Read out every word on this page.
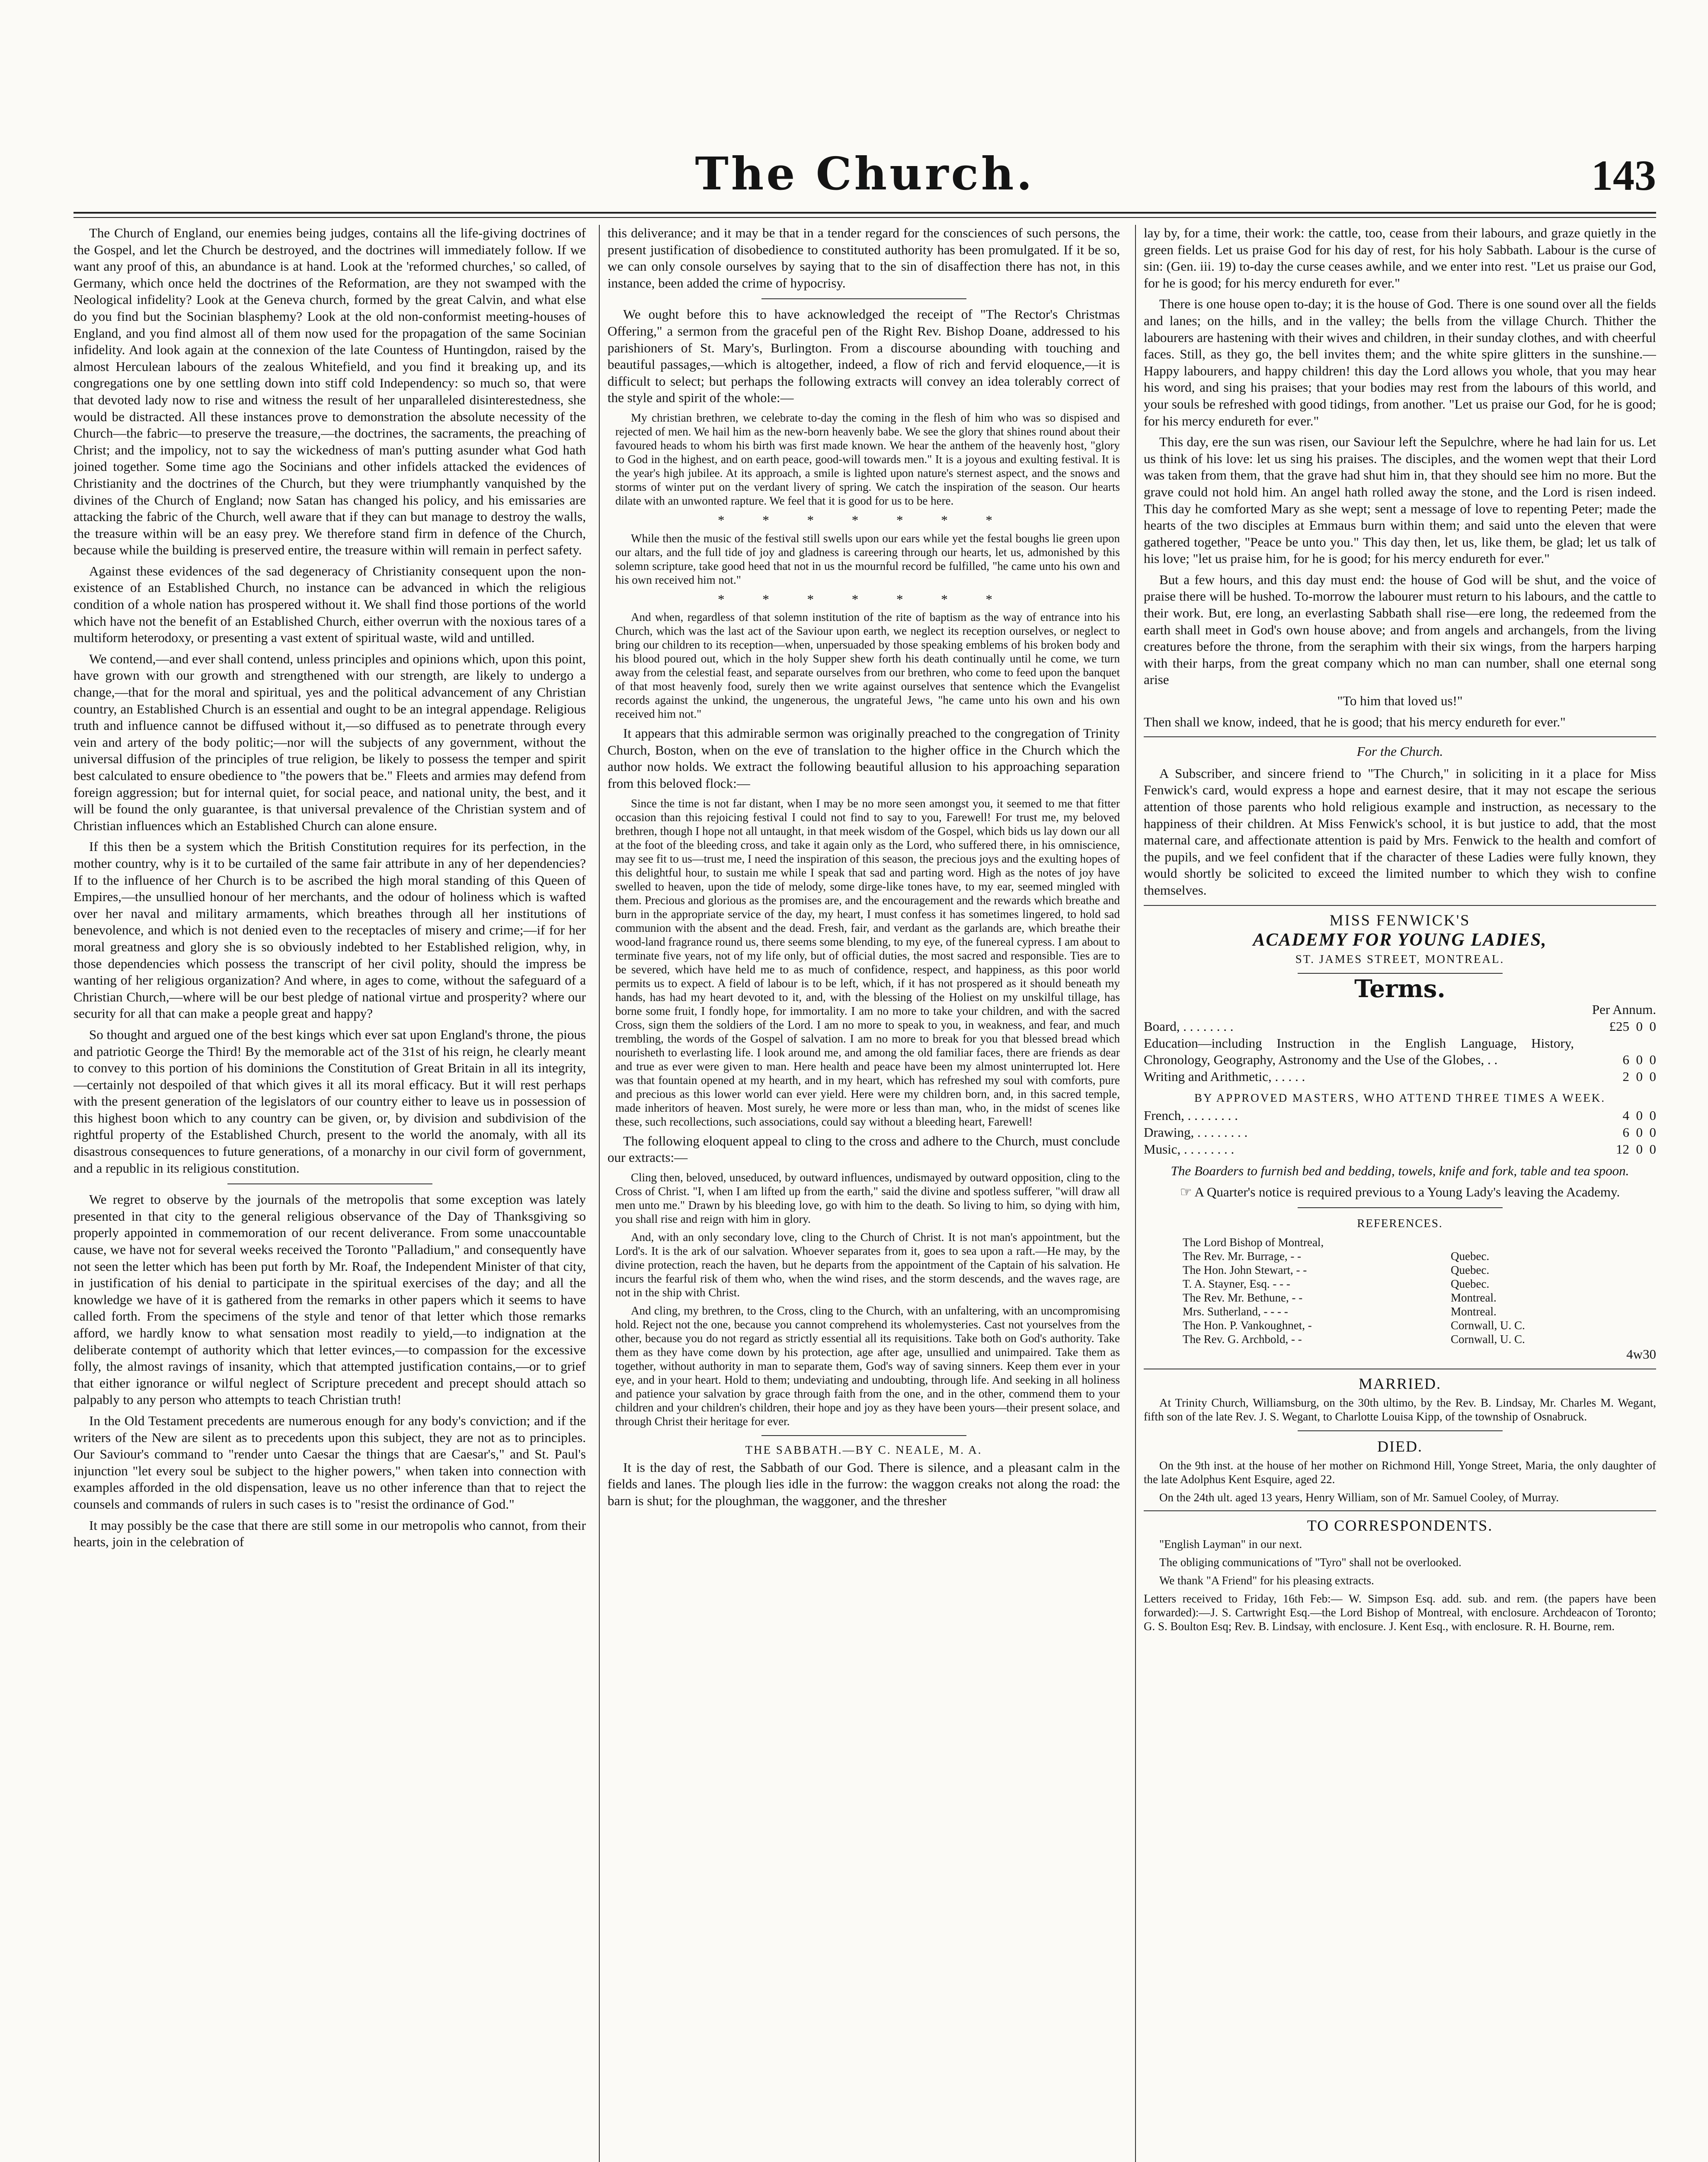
The Church.	143

The Church of England, our enemies being judges, contains all the life-giving doctrines of the Gospel, and let the Church be destroyed, and the doctrines will immediately follow. If we want any proof of this, an abundance is at hand. Look at the 'reformed churches,' so called, of Germany, which once held the doctrines of the Reformation, are they not swamped with the Neological infidelity? Look at the Geneva church, formed by the great Calvin, and what else do you find but the Socinian blasphemy? Look at the old non-conformist meeting-houses of England, and you find almost all of them now used for the propagation of the same Socinian infidelity. And look again at the connexion of the late Countess of Huntingdon, raised by the almost Herculean labours of the zealous Whitefield, and you find it breaking up, and its congregations one by one settling down into stiff cold Independency: so much so, that were that devoted lady now to rise and witness the result of her unparalleled disinterestedness, she would be distracted. All these instances prove to demonstration the absolute necessity of the Church—the fabric—to preserve the treasure,—the doctrines, the sacraments, the preaching of Christ; and the impolicy, not to say the wickedness of man's putting asunder what God hath joined together. Some time ago the Socinians and other infidels attacked the evidences of Christianity and the doctrines of the Church, but they were triumphantly vanquished by the divines of the Church of England; now Satan has changed his policy, and his emissaries are attacking the fabric of the Church, well aware that if they can but manage to destroy the walls, the treasure within will be an easy prey. We therefore stand firm in defence of the Church, because while the building is preserved entire, the treasure within will remain in perfect safety.

Against these evidences of the sad degeneracy of Christianity consequent upon the non-existence of an Established Church, no instance can be advanced in which the religious condition of a whole nation has prospered without it. We shall find those portions of the world which have not the benefit of an Established Church, either overrun with the noxious tares of a multiform heterodoxy, or presenting a vast extent of spiritual waste, wild and untilled.

We contend,—and ever shall contend, unless principles and opinions which, upon this point, have grown with our growth and strengthened with our strength, are likely to undergo a change,—that for the moral and spiritual, yes and the political advancement of any Christian country, an Established Church is an essential and ought to be an integral appendage. Religious truth and influence cannot be diffused without it,—so diffused as to penetrate through every vein and artery of the body politic;—nor will the subjects of any government, without the universal diffusion of the principles of true religion, be likely to possess the temper and spirit best calculated to ensure obedience to "the powers that be." Fleets and armies may defend from foreign aggression; but for internal quiet, for social peace, and national unity, the best, and it will be found the only guarantee, is that universal prevalence of the Christian system and of Christian influences which an Established Church can alone ensure.

If this then be a system which the British Constitution requires for its perfection, in the mother country, why is it to be curtailed of the same fair attribute in any of her dependencies? If to the influence of her Church is to be ascribed the high moral standing of this Queen of Empires,—the unsullied honour of her merchants, and the odour of holiness which is wafted over her naval and military armaments, which breathes through all her institutions of benevolence, and which is not denied even to the receptacles of misery and crime;—if for her moral greatness and glory she is so obviously indebted to her Established religion, why, in those dependencies which possess the transcript of her civil polity, should the impress be wanting of her religious organization? And where, in ages to come, without the safeguard of a Christian Church,—where will be our best pledge of national virtue and prosperity? where our security for all that can make a people great and happy?

So thought and argued one of the best kings which ever sat upon England's throne, the pious and patriotic George the Third! By the memorable act of the 31st of his reign, he clearly meant to convey to this portion of his dominions the Constitution of Great Britain in all its integrity,—certainly not despoiled of that which gives it all its moral efficacy. But it will rest perhaps with the present generation of the legislators of our country either to leave us in possession of this highest boon which to any country can be given, or, by division and subdivision of the rightful property of the Established Church, present to the world the anomaly, with all its disastrous consequences to future generations, of a monarchy in our civil form of government, and a republic in its religious constitution.

We regret to observe by the journals of the metropolis that some exception was lately presented in that city to the general religious observance of the Day of Thanksgiving so properly appointed in commemoration of our recent deliverance. From some unaccountable cause, we have not for several weeks received the Toronto "Palladium," and consequently have not seen the letter which has been put forth by Mr. Roaf, the Independent Minister of that city, in justification of his denial to participate in the spiritual exercises of the day; and all the knowledge we have of it is gathered from the remarks in other papers which it seems to have called forth. From the specimens of the style and tenor of that letter which those remarks afford, we hardly know to what sensation most readily to yield,—to indignation at the deliberate contempt of authority which that letter evinces,—to compassion for the excessive folly, the almost ravings of insanity, which that attempted justification contains,—or to grief that either ignorance or wilful neglect of Scripture precedent and precept should attach so palpably to any person who attempts to teach Christian truth!

In the Old Testament precedents are numerous enough for any body's conviction; and if the writers of the New are silent as to precedents upon this subject, they are not as to principles. Our Saviour's command to "render unto Caesar the things that are Caesar's," and St. Paul's injunction "let every soul be subject to the higher powers," when taken into connection with examples afforded in the old dispensation, leave us no other inference than that to reject the counsels and commands of rulers in such cases is to "resist the ordinance of God."

It may possibly be the case that there are still some in our metropolis who cannot, from their hearts, join in the celebration of

this deliverance; and it may be that in a tender regard for the consciences of such persons, the present justification of disobedience to constituted authority has been promulgated. If it be so, we can only console ourselves by saying that to the sin of disaffection there has not, in this instance, been added the crime of hypocrisy.

We ought before this to have acknowledged the receipt of "The Rector's Christmas Offering," a sermon from the graceful pen of the Right Rev. Bishop Doane, addressed to his parishioners of St. Mary's, Burlington. From a discourse abounding with touching and beautiful passages,—which is altogether, indeed, a flow of rich and fervid eloquence,—it is difficult to select; but perhaps the following extracts will convey an idea tolerably correct of the style and spirit of the whole:—

My christian brethren, we celebrate to-day the coming in the flesh of him who was so dispised and rejected of men. We hail him as the new-born heavenly babe. We see the glory that shines round about their favoured heads to whom his birth was first made known. We hear the anthem of the heavenly host, "glory to God in the highest, and on earth peace, good-will towards men." It is a joyous and exulting festival. It is the year's high jubilee. At its approach, a smile is lighted upon nature's sternest aspect, and the snows and storms of winter put on the verdant livery of spring. We catch the inspiration of the season. Our hearts dilate with an unwonted rapture. We feel that it is good for us to be here.

* * * * * * *

While then the music of the festival still swells upon our ears while yet the festal boughs lie green upon our altars, and the full tide of joy and gladness is careering through our hearts, let us, admonished by this solemn scripture, take good heed that not in us the mournful record be fulfilled, "he came unto his own and his own received him not."

* * * * * * *

And when, regardless of that solemn institution of the rite of baptism as the way of entrance into his Church, which was the last act of the Saviour upon earth, we neglect its reception ourselves, or neglect to bring our children to its reception—when, unpersuaded by those speaking emblems of his broken body and his blood poured out, which in the holy Supper shew forth his death continually until he come, we turn away from the celestial feast, and separate ourselves from our brethren, who come to feed upon the banquet of that most heavenly food, surely then we write against ourselves that sentence which the Evangelist records against the unkind, the ungenerous, the ungrateful Jews, "he came unto his own and his own received him not."

It appears that this admirable sermon was originally preached to the congregation of Trinity Church, Boston, when on the eve of translation to the higher office in the Church which the author now holds. We extract the following beautiful allusion to his approaching separation from this beloved flock:—

Since the time is not far distant, when I may be no more seen amongst you, it seemed to me that fitter occasion than this rejoicing festival I could not find to say to you, Farewell! For trust me, my beloved brethren, though I hope not all untaught, in that meek wisdom of the Gospel, which bids us lay down our all at the foot of the bleeding cross, and take it again only as the Lord, who suffered there, in his omniscience, may see fit to us—trust me, I need the inspiration of this season, the precious joys and the exulting hopes of this delightful hour, to sustain me while I speak that sad and parting word. High as the notes of joy have swelled to heaven, upon the tide of melody, some dirge-like tones have, to my ear, seemed mingled with them. Precious and glorious as the promises are, and the encouragement and the rewards which breathe and burn in the appropriate service of the day, my heart, I must confess it has sometimes lingered, to hold sad communion with the absent and the dead. Fresh, fair, and verdant as the garlands are, which breathe their wood-land fragrance round us, there seems some blending, to my eye, of the funereal cypress. I am about to terminate five years, not of my life only, but of official duties, the most sacred and responsible. Ties are to be severed, which have held me to as much of confidence, respect, and happiness, as this poor world permits us to expect. A field of labour is to be left, which, if it has not prospered as it should beneath my hands, has had my heart devoted to it, and, with the blessing of the Holiest on my unskilful tillage, has borne some fruit, I fondly hope, for immortality. I am no more to take your children, and with the sacred Cross, sign them the soldiers of the Lord. I am no more to speak to you, in weakness, and fear, and much trembling, the words of the Gospel of salvation. I am no more to break for you that blessed bread which nourisheth to everlasting life. I look around me, and among the old familiar faces, there are friends as dear and true as ever were given to man. Here health and peace have been my almost uninterrupted lot. Here was that fountain opened at my hearth, and in my heart, which has refreshed my soul with comforts, pure and precious as this lower world can ever yield. Here were my children born, and, in this sacred temple, made inheritors of heaven. Most surely, he were more or less than man, who, in the midst of scenes like these, such recollections, such associations, could say without a bleeding heart, Farewell!

The following eloquent appeal to cling to the cross and adhere to the Church, must conclude our extracts:—

Cling then, beloved, unseduced, by outward influences, undismayed by outward opposition, cling to the Cross of Christ. "I, when I am lifted up from the earth," said the divine and spotless sufferer, "will draw all men unto me." Drawn by his bleeding love, go with him to the death. So living to him, so dying with him, you shall rise and reign with him in glory.

And, with an only secondary love, cling to the Church of Christ. It is not man's appointment, but the Lord's. It is the ark of our salvation. Whoever separates from it, goes to sea upon a raft.—He may, by the divine protection, reach the haven, but he departs from the appointment of the Captain of his salvation. He incurs the fearful risk of them who, when the wind rises, and the storm descends, and the waves rage, are not in the ship with Christ.

And cling, my brethren, to the Cross, cling to the Church, with an unfaltering, with an uncompromising hold. Reject not the one, because you cannot comprehend its wholemysteries. Cast not yourselves from the other, because you do not regard as strictly essential all its requisitions. Take both on God's authority. Take them as they have come down by his protection, age after age, unsullied and unimpaired. Take them as together, without authority in man to separate them, God's way of saving sinners. Keep them ever in your eye, and in your heart. Hold to them; undeviating and undoubting, through life. And seeking in all holiness and patience your salvation by grace through faith from the one, and in the other, commend them to your children and your children's children, their hope and joy as they have been yours—their present solace, and through Christ their heritage for ever.

THE SABBATH.—BY C. NEALE, M. A.

It is the day of rest, the Sabbath of our God. There is silence, and a pleasant calm in the fields and lanes. The plough lies idle in the furrow: the waggon creaks not along the road: the barn is shut; for the ploughman, the waggoner, and the thresher

lay by, for a time, their work: the cattle, too, cease from their labours, and graze quietly in the green fields. Let us praise God for his day of rest, for his holy Sabbath. Labour is the curse of sin: (Gen. iii. 19) to-day the curse ceases awhile, and we enter into rest. "Let us praise our God, for he is good; for his mercy endureth for ever."

There is one house open to-day; it is the house of God. There is one sound over all the fields and lanes; on the hills, and in the valley; the bells from the village Church. Thither the labourers are hastening with their wives and children, in their sunday clothes, and with cheerful faces. Still, as they go, the bell invites them; and the white spire glitters in the sunshine.—Happy labourers, and happy children! this day the Lord allows you whole, that you may hear his word, and sing his praises; that your bodies may rest from the labours of this world, and your souls be refreshed with good tidings, from another. "Let us praise our God, for he is good; for his mercy endureth for ever."

This day, ere the sun was risen, our Saviour left the Sepulchre, where he had lain for us. Let us think of his love: let us sing his praises. The disciples, and the women wept that their Lord was taken from them, that the grave had shut him in, that they should see him no more. But the grave could not hold him. An angel hath rolled away the stone, and the Lord is risen indeed. This day he comforted Mary as she wept; sent a message of love to repenting Peter; made the hearts of the two disciples at Emmaus burn within them; and said unto the eleven that were gathered together, "Peace be unto you." This day then, let us, like them, be glad; let us talk of his love; "let us praise him, for he is good; for his mercy endureth for ever."

But a few hours, and this day must end: the house of God will be shut, and the voice of praise there will be hushed. To-morrow the labourer must return to his labours, and the cattle to their work. But, ere long, an everlasting Sabbath shall rise—ere long, the redeemed from the earth shall meet in God's own house above; and from angels and archangels, from the living creatures before the throne, from the seraphim with their six wings, from the harpers harping with their harps, from the great company which no man can number, shall one eternal song arise

"To him that loved us!"

Then shall we know, indeed, that he is good; that his mercy endureth for ever."

For the Church.

A Subscriber, and sincere friend to "The Church," in soliciting in it a place for Miss Fenwick's card, would express a hope and earnest desire, that it may not escape the serious attention of those parents who hold religious example and instruction, as necessary to the happiness of their children. At Miss Fenwick's school, it is but justice to add, that the most maternal care, and affectionate attention is paid by Mrs. Fenwick to the health and comfort of the pupils, and we feel confident that if the character of these Ladies were fully known, they would shortly be solicited to exceed the limited number to which they wish to confine themselves.

MISS FENWICK'S

ACADEMY FOR YOUNG LADIES,

ST. JAMES STREET, MONTREAL.

Terms.

Per Annum.

Board, . . . . . . . .	£25  0  0
Education—including Instruction in the English Language, History, Chronology, Geography, Astronomy and the Use of the Globes, . .	6  0  0
Writing and Arithmetic, . . . . .	2  0  0

BY APPROVED MASTERS, WHO ATTEND THREE TIMES A WEEK.

French, . . . . . . . .	4  0  0
Drawing, . . . . . . . .	6  0  0
Music, . . . . . . . .	12  0  0

The Boarders to furnish bed and bedding, towels, knife and fork, table and tea spoon.

☞ A Quarter's notice is required previous to a Young Lady's leaving the Academy.

REFERENCES.

The Lord Bishop of Montreal,
The Rev. Mr. Burrage, - -	Quebec.
The Hon. John Stewart, - -	Quebec.
T. A. Stayner, Esq. - - -	Quebec.
The Rev. Mr. Bethune, - -	Montreal.
Mrs. Sutherland, - - - -	Montreal.
The Hon. P. Vankoughnet, -	Cornwall, U. C.
The Rev. G. Archbold, - -	Cornwall, U. C.

4w30

MARRIED.

At Trinity Church, Williamsburg, on the 30th ultimo, by the Rev. B. Lindsay, Mr. Charles M. Wegant, fifth son of the late Rev. J. S. Wegant, to Charlotte Louisa Kipp, of the township of Osnabruck.

DIED.

On the 9th inst. at the house of her mother on Richmond Hill, Yonge Street, Maria, the only daughter of the late Adolphus Kent Esquire, aged 22.

On the 24th ult. aged 13 years, Henry William, son of Mr. Samuel Cooley, of Murray.

TO CORRESPONDENTS.

"English Layman" in our next.

The obliging communications of "Tyro" shall not be overlooked.

We thank "A Friend" for his pleasing extracts.

Letters received to Friday, 16th Feb:— W. Simpson Esq. add. sub. and rem. (the papers have been forwarded):—J. S. Cartwright Esq.—the Lord Bishop of Montreal, with enclosure. Archdeacon of Toronto; G. S. Boulton Esq; Rev. B. Lindsay, with enclosure. J. Kent Esq., with enclosure. R. H. Bourne, rem.
